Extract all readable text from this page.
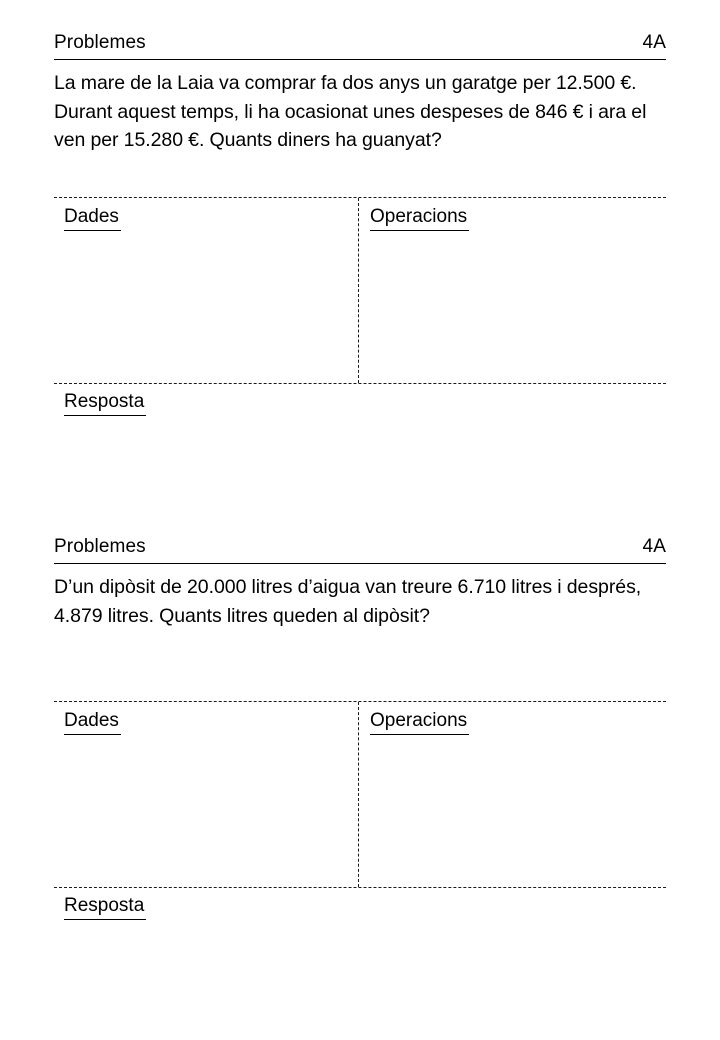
Problemes	4A
La mare de la Laia va comprar fa dos anys un garatge per 12.500 €. Durant aquest temps, li ha ocasionat unes despeses de 846 € i ara el ven per 15.280 €. Quants diners ha guanyat?
Dades	Operacions
Resposta
Problemes	4A
D’un dipòsit de 20.000 litres d’aigua van treure 6.710 litres i després, 4.879 litres. Quants litres queden al dipòsit?
Dades	Operacions
Resposta
